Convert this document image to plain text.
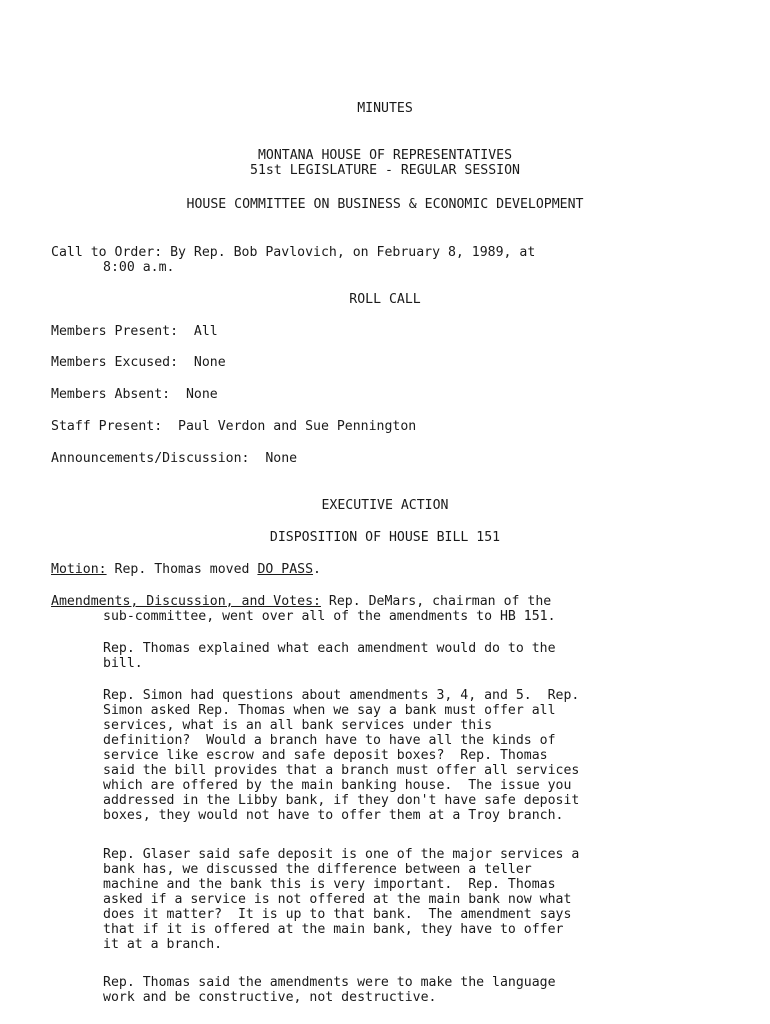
MINUTES
MONTANA HOUSE OF REPRESENTATIVES
51st LEGISLATURE - REGULAR SESSION
HOUSE COMMITTEE ON BUSINESS & ECONOMIC DEVELOPMENT
Call to Order: By Rep. Bob Pavlovich, on February 8, 1989, at
8:00 a.m.
ROLL CALL
Members Present:  All
Members Excused:  None
Members Absent:  None
Staff Present:  Paul Verdon and Sue Pennington
Announcements/Discussion:  None
EXECUTIVE ACTION
DISPOSITION OF HOUSE BILL 151
Motion: Rep. Thomas moved DO PASS.
Amendments, Discussion, and Votes: Rep. DeMars, chairman of the
sub-committee, went over all of the amendments to HB 151.
Rep. Thomas explained what each amendment would do to the
bill.
Rep. Simon had questions about amendments 3, 4, and 5.  Rep.
Simon asked Rep. Thomas when we say a bank must offer all
services, what is an all bank services under this
definition?  Would a branch have to have all the kinds of
service like escrow and safe deposit boxes?  Rep. Thomas
said the bill provides that a branch must offer all services
which are offered by the main banking house.  The issue you
addressed in the Libby bank, if they don't have safe deposit
boxes, they would not have to offer them at a Troy branch.
Rep. Glaser said safe deposit is one of the major services a
bank has, we discussed the difference between a teller
machine and the bank this is very important.  Rep. Thomas
asked if a service is not offered at the main bank now what
does it matter?  It is up to that bank.  The amendment says
that if it is offered at the main bank, they have to offer
it at a branch.
Rep. Thomas said the amendments were to make the language
work and be constructive, not destructive.
